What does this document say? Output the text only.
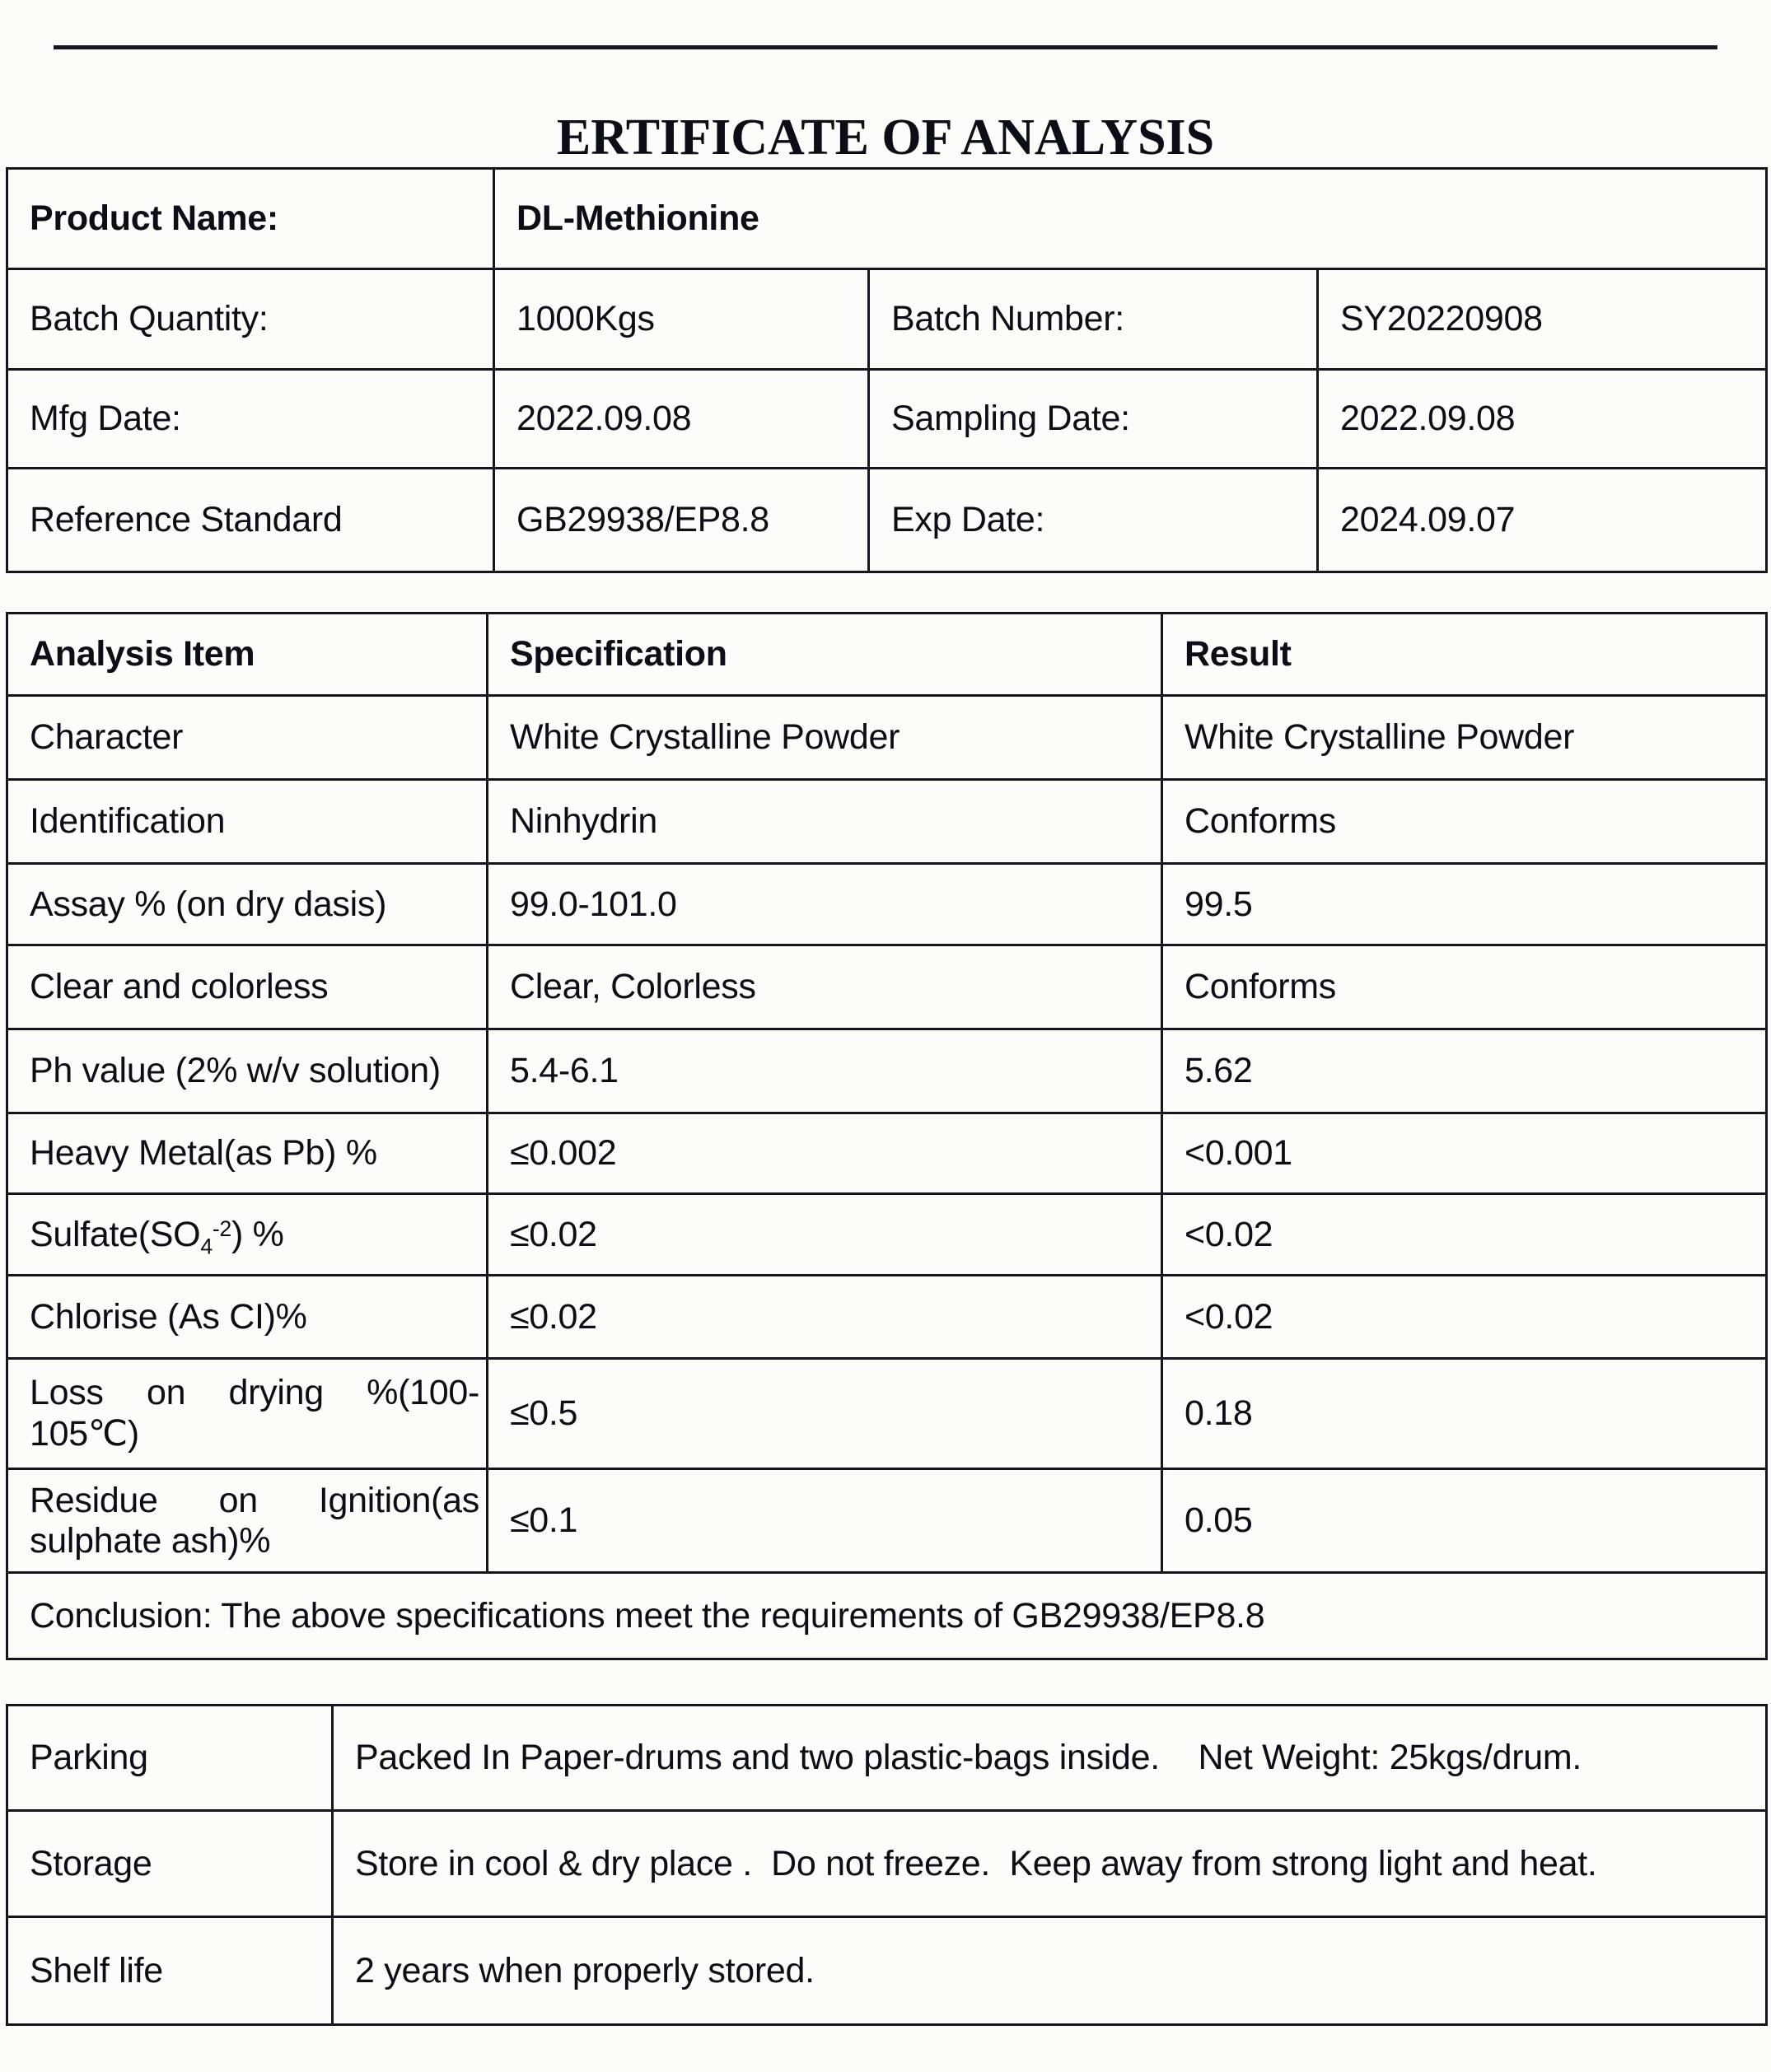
ERTIFICATE OF ANALYSIS
Product Name:	DL-Methionine		
Batch Quantity:	1000Kgs	Batch Number:	SY20220908
Mfg Date:	2022.09.08	Sampling Date:	2022.09.08
Reference Standard	GB29938/EP8.8	Exp Date:	2024.09.07
Analysis Item	Specification	Result
Character	White Crystalline Powder	White Crystalline Powder
Identification	Ninhydrin	Conforms
Assay % (on dry dasis)	99.0-101.0	99.5
Clear and colorless	Clear, Colorless	Conforms
Ph value (2% w/v solution)	5.4-6.1	5.62
Heavy Metal(as Pb) %	≤0.002	<0.001
$Sulfate(SO_4^{-2})$ %	≤0.02	<0.02
Chlorise (As CI)%	≤0.02	<0.02

Loss on drying %(100-
105℃)	≤0.5	0.18

Residue on Ignition(as
sulphate ash)%	≤0.1	0.05
Conclusion: The above specifications meet the requirements of GB29938/EP8.8		
Parking	Packed In Paper-drums and two plastic-bags inside.    Net Weight: 25kgs/drum.
Storage	Store in cool & dry place .  Do not freeze.  Keep away from strong light and heat.
Shelf life	2 years when properly stored.
